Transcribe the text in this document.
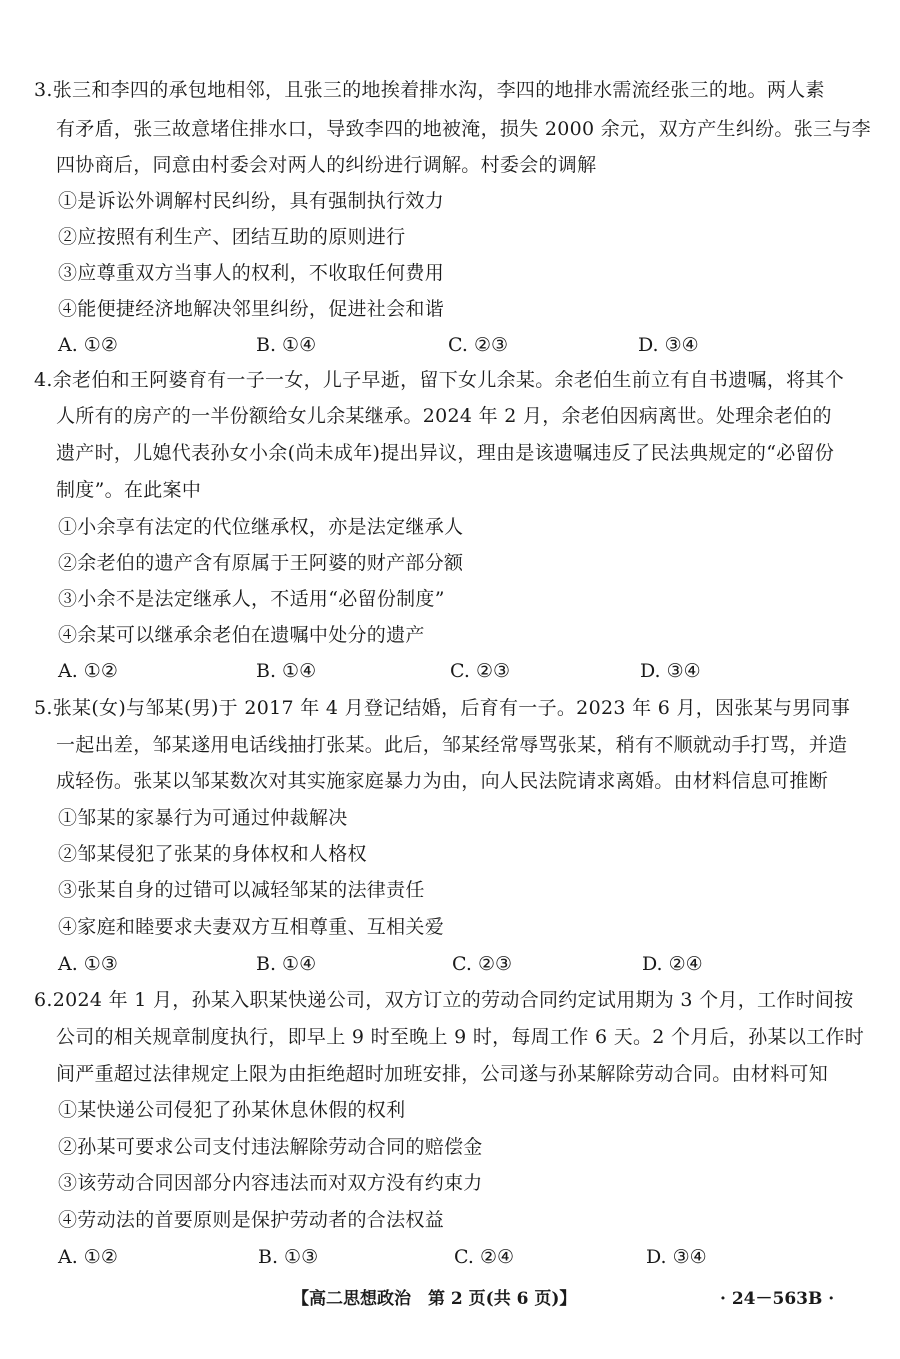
3.张三和李四的承包地相邻，且张三的地挨着排水沟，李四的地排水需流经张三的地。两人素
有矛盾，张三故意堵住排水口，导致李四的地被淹，损失 2000 余元，双方产生纠纷。张三与李
四协商后，同意由村委会对两人的纠纷进行调解。村委会的调解
①是诉讼外调解村民纠纷，具有强制执行效力
②应按照有利生产、团结互助的原则进行
③应尊重双方当事人的权利，不收取任何费用
④能便捷经济地解决邻里纠纷，促进社会和谐
A. ①②	B. ①④	C. ②③	D. ③④
4.余老伯和王阿婆育有一子一女，儿子早逝，留下女儿余某。余老伯生前立有自书遗嘱，将其个
人所有的房产的一半份额给女儿余某继承。2024 年 2 月，余老伯因病离世。处理余老伯的
遗产时，儿媳代表孙女小余(尚未成年)提出异议，理由是该遗嘱违反了民法典规定的“必留份
制度”。在此案中
①小余享有法定的代位继承权，亦是法定继承人
②余老伯的遗产含有原属于王阿婆的财产部分额
③小余不是法定继承人，不适用“必留份制度”
④余某可以继承余老伯在遗嘱中处分的遗产
A. ①②	B. ①④	C. ②③	D. ③④
5.张某(女)与邹某(男)于 2017 年 4 月登记结婚，后育有一子。2023 年 6 月，因张某与男同事
一起出差，邹某遂用电话线抽打张某。此后，邹某经常辱骂张某，稍有不顺就动手打骂，并造
成轻伤。张某以邹某数次对其实施家庭暴力为由，向人民法院请求离婚。由材料信息可推断
①邹某的家暴行为可通过仲裁解决
②邹某侵犯了张某的身体权和人格权
③张某自身的过错可以减轻邹某的法律责任
④家庭和睦要求夫妻双方互相尊重、互相关爱
A. ①③	B. ①④	C. ②③	D. ②④
6.2024 年 1 月，孙某入职某快递公司，双方订立的劳动合同约定试用期为 3 个月，工作时间按
公司的相关规章制度执行，即早上 9 时至晚上 9 时，每周工作 6 天。2 个月后，孙某以工作时
间严重超过法律规定上限为由拒绝超时加班安排，公司遂与孙某解除劳动合同。由材料可知
①某快递公司侵犯了孙某休息休假的权利
②孙某可要求公司支付违法解除劳动合同的赔偿金
③该劳动合同因部分内容违法而对双方没有约束力
④劳动法的首要原则是保护劳动者的合法权益
A. ①②	B. ①③	C. ②④	D. ③④
【高二思想政治　第 2 页(共 6 页)】	· 24－563B ·
